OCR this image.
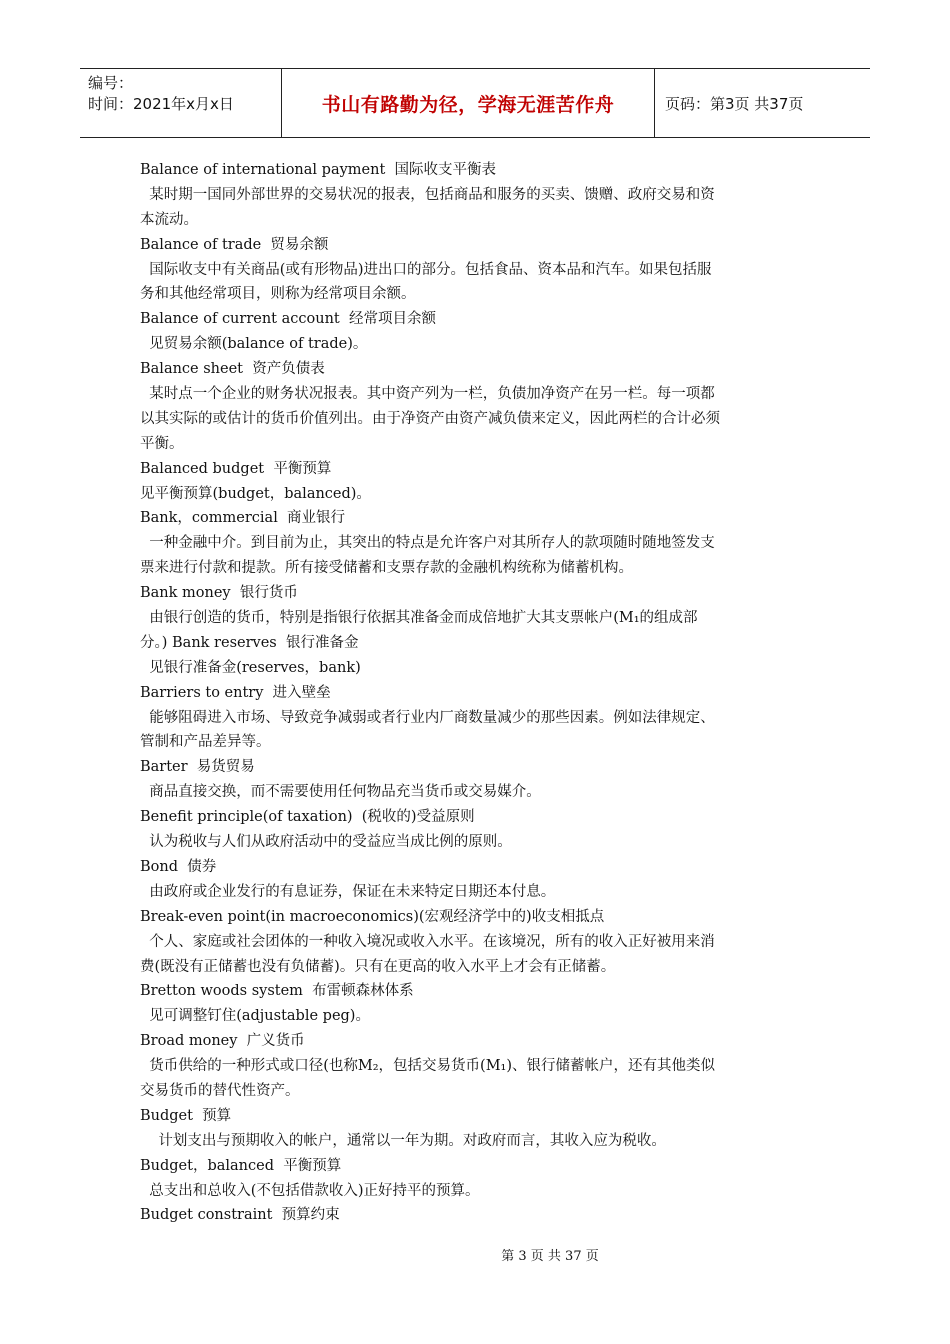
编号：
时间：2021年x月x日	书山有路勤为径，学海无涯苦作舟	页码：第3页 共37页
Balance of international payment  国际收支平衡表
某时期一国同外部世界的交易状况的报表，包括商品和服务的买卖、馈赠、政府交易和资
本流动。
Balance of trade  贸易余额
国际收支中有关商品(或有形物品)进出口的部分。包括食品、资本品和汽车。如果包括服
务和其他经常项目，则称为经常项目余额。
Balance of current account  经常项目余额
见贸易余额(balance of trade)。
Balance sheet  资产负债表
某时点一个企业的财务状况报表。其中资产列为一栏，负债加净资产在另一栏。每一项都
以其实际的或估计的货币价值列出。由于净资产由资产减负债来定义，因此两栏的合计必须
平衡。
Balanced budget  平衡预算
见平衡预算(budget，balanced)。
Bank，commercial  商业银行
一种金融中介。到目前为止，其突出的特点是允许客户对其所存人的款项随时随地签发支
票来进行付款和提款。所有接受储蓄和支票存款的金融机构统称为储蓄机构。
Bank money  银行货币
由银行创造的货币，特别是指银行依据其准备金而成倍地扩大其支票帐户(M₁的组成部
分。) Bank reserves  银行准备金
见银行准备金(reserves，bank)
Barriers to entry  进入壁垒
能够阻碍进入市场、导致竞争减弱或者行业内厂商数量减少的那些因素。例如法律规定、
管制和产品差异等。
Barter  易货贸易
商品直接交换，而不需要使用任何物品充当货币或交易媒介。
Benefit principle(of taxation)  (税收的)受益原则
认为税收与人们从政府活动中的受益应当成比例的原则。
Bond  债券
由政府或企业发行的有息证券，保证在未来特定日期还本付息。
Break-even point(in macroeconomics)(宏观经济学中的)收支相抵点
个人、家庭或社会团体的一种收入境况或收入水平。在该境况，所有的收入正好被用来消
费(既没有正储蓄也没有负储蓄)。只有在更高的收入水平上才会有正储蓄。
Bretton woods system  布雷顿森林体系
见可调整钉住(adjustable peg)。
Broad money  广义货币
货币供给的一种形式或口径(也称M₂，包括交易货币(M₁)、银行储蓄帐户，还有其他类似
交易货币的替代性资产。
Budget  预算
计划支出与预期收入的帐户，通常以一年为期。对政府而言，其收入应为税收。
Budget，balanced  平衡预算
总支出和总收入(不包括借款收入)正好持平的预算。
Budget constraint  预算约束
第 3 页 共 37 页
